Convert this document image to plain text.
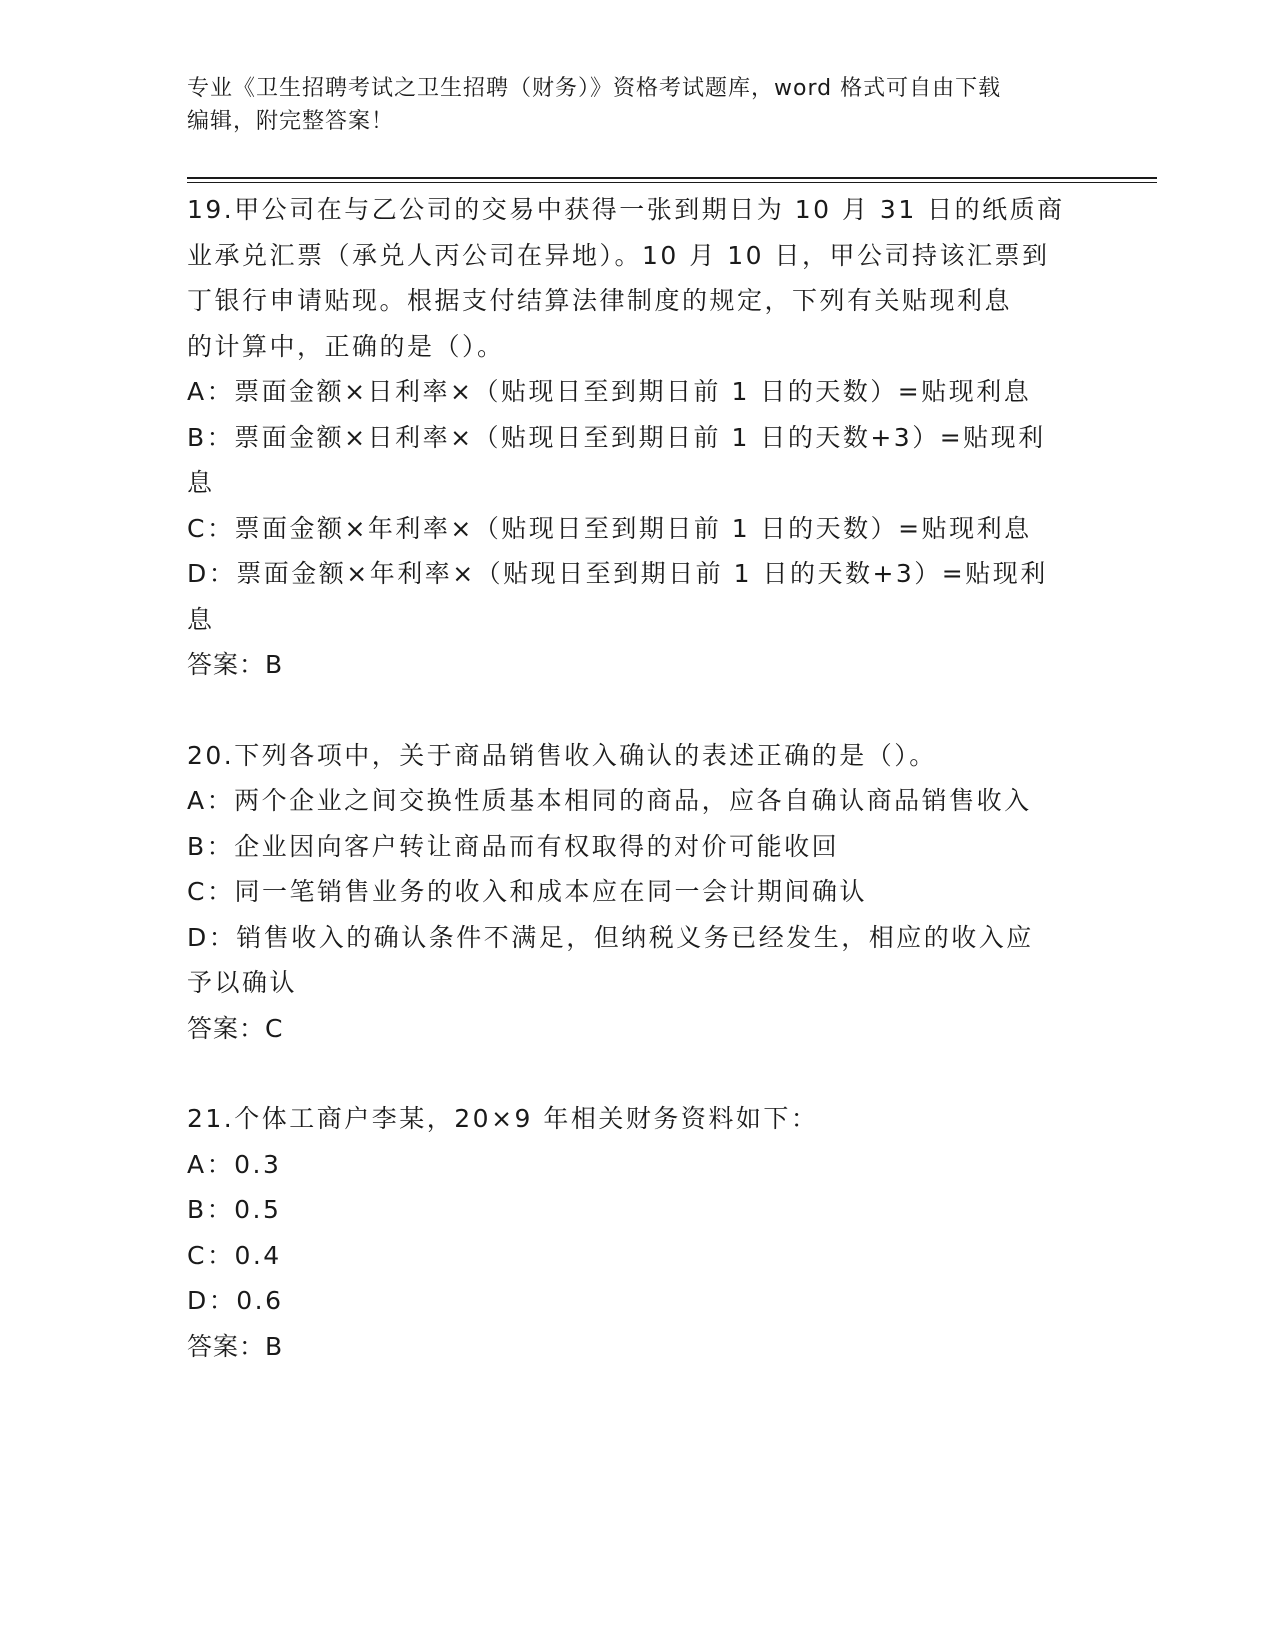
专业《卫生招聘考试之卫生招聘（财务）》资格考试题库，word 格式可自由下载
编辑，附完整答案！
19.甲公司在与乙公司的交易中获得一张到期日为 10 月 31 日的纸质商
业承兑汇票（承兑人丙公司在异地）。10 月 10 日，甲公司持该汇票到
丁银行申请贴现。根据支付结算法律制度的规定，下列有关贴现利息
的计算中，正确的是（）。
A：票面金额×日利率×（贴现日至到期日前 1 日的天数）=贴现利息
B：票面金额×日利率×（贴现日至到期日前 1 日的天数+3）=贴现利
息
C：票面金额×年利率×（贴现日至到期日前 1 日的天数）=贴现利息
D：票面金额×年利率×（贴现日至到期日前 1 日的天数+3）=贴现利
息
答案：B
20.下列各项中，关于商品销售收入确认的表述正确的是（）。
A：两个企业之间交换性质基本相同的商品，应各自确认商品销售收入
B：企业因向客户转让商品而有权取得的对价可能收回
C：同一笔销售业务的收入和成本应在同一会计期间确认
D：销售收入的确认条件不满足，但纳税义务已经发生，相应的收入应
予以确认
答案：C
21.个体工商户李某，20×9 年相关财务资料如下：
A：0.3
B：0.5
C：0.4
D：0.6
答案：B
